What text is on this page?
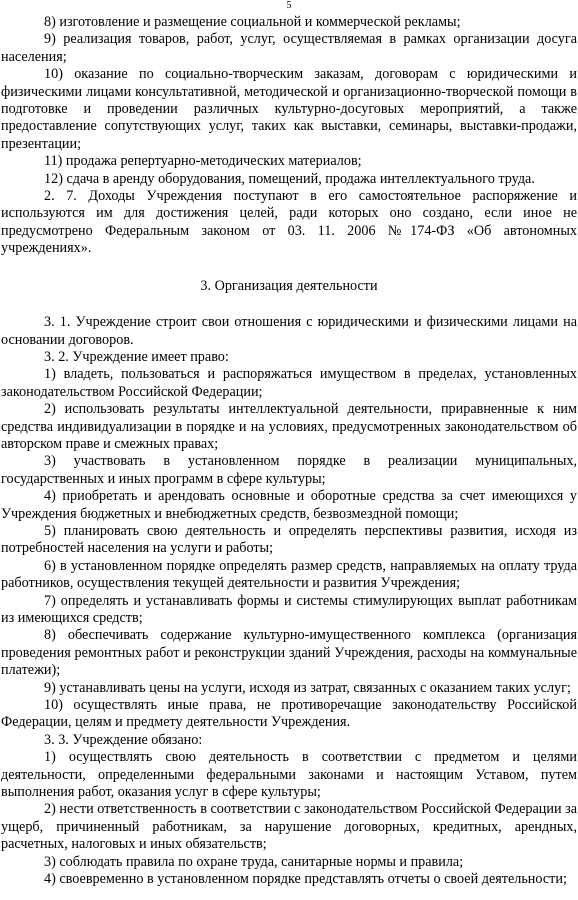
5

8) изготовление и размещение социальной и коммерческой рекламы;

9) реализация товаров, работ, услуг, осуществляемая в рамках организации досуга населения;

10) оказание по социально-творческим заказам, договорам с юридическими и физическими лицами консультативной, методической и организационно-творческой помощи в подготовке и проведении различных культурно-досуговых мероприятий, а также предоставление сопутствующих услуг, таких как выставки, семинары, выставки-продажи, презентации;

11) продажа репертуарно-методических материалов;

12) сдача в аренду оборудования, помещений, продажа интеллектуального труда.

2. 7. Доходы Учреждения поступают в его самостоятельное распоряжение и используются им для достижения целей, ради которых оно создано, если иное не предусмотрено Федеральным законом от 03. 11. 2006 №174-ФЗ «Об автономных учреждениях».

3. Организация деятельности

3. 1. Учреждение строит свои отношения с юридическими и физическими лицами на основании договоров.

3. 2. Учреждение имеет право:

1) владеть, пользоваться и распоряжаться имуществом в пределах, установленных законодательством Российской Федерации;

2) использовать результаты интеллектуальной деятельности, приравненные к ним средства индивидуализации в порядке и на условиях, предусмотренных законодательством об авторском праве и смежных правах;

3) участвовать в установленном порядке в реализации муниципальных, государственных и иных программ в сфере культуры;

4) приобретать и арендовать основные и оборотные средства за счет имеющихся у Учреждения бюджетных и внебюджетных средств, безвозмездной помощи;

5) планировать свою деятельность и определять перспективы развития, исходя из потребностей населения на услуги и работы;

6) в установленном порядке определять размер средств, направляемых на оплату труда работников, осуществления текущей деятельности и развития Учреждения;

7) определять и устанавливать формы и системы стимулирующих выплат работникам из имеющихся средств;

8) обеспечивать содержание культурно-имущественного комплекса (организация проведения ремонтных работ и реконструкции зданий Учреждения, расходы на коммунальные платежи);

9) устанавливать цены на услуги, исходя из затрат, связанных с оказанием таких услуг;

10) осуществлять иные права, не противоречащие законодательству Российской Федерации, целям и предмету деятельности Учреждения.

3. 3. Учреждение обязано:

1) осуществлять свою деятельность в соответствии с предметом и целями деятельности, определенными федеральными законами и настоящим Уставом, путем выполнения работ, оказания услуг в сфере культуры;

2) нести ответственность в соответствии с законодательством Российской Федерации за ущерб, причиненный работникам, за нарушение договорных, кредитных, арендных, расчетных, налоговых и иных обязательств;

3) соблюдать правила по охране труда, санитарные нормы и правила;

4) своевременно в установленном порядке представлять отчеты о своей деятельности;
